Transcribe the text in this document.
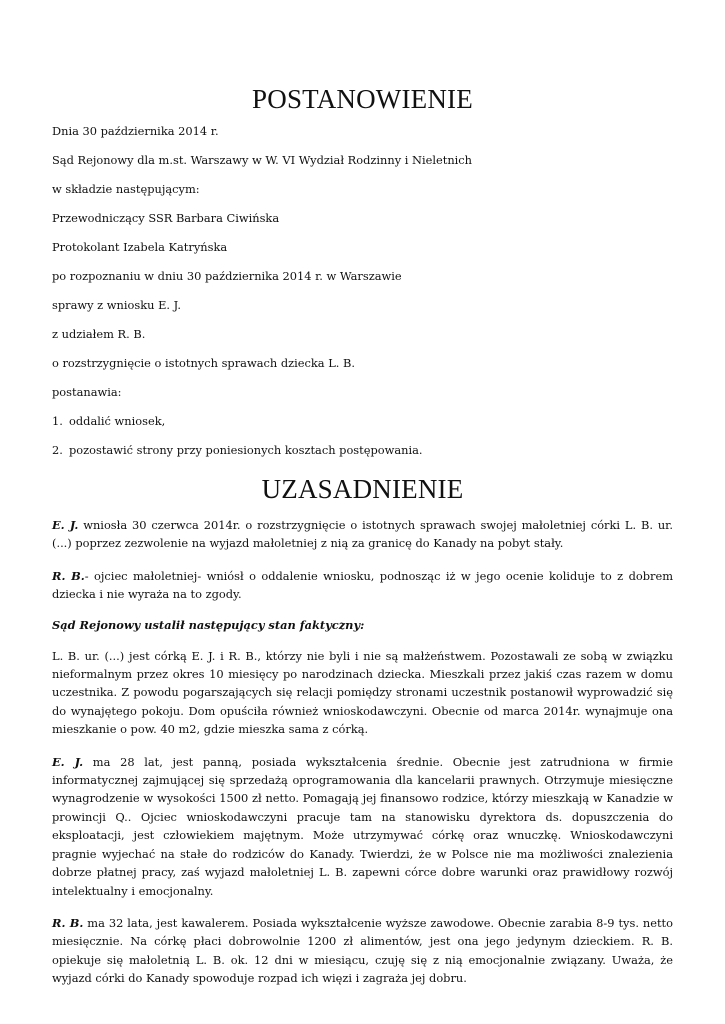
POSTANOWIENIE

Dnia 30 października 2014 r.

Sąd Rejonowy dla m.st. Warszawy w W. VI Wydział Rodzinny i Nieletnich

w składzie następującym:

Przewodniczący SSR Barbara Ciwińska

Protokolant Izabela Katryńska

po rozpoznaniu w dniu 30 października 2014 r. w Warszawie

sprawy z wniosku E. J.

z udziałem R. B.

o rozstrzygnięcie o istotnych sprawach dziecka L. B.

postanawia:

1. oddalić wniosek,

2. pozostawić strony przy poniesionych kosztach postępowania.

UZASADNIENIE

E. J. wniosła 30 czerwca 2014r. o rozstrzygnięcie o istotnych sprawach swojej małoletniej córki L. B. ur. (...) poprzez zezwolenie na wyjazd małoletniej z nią za granicę do Kanady na pobyt stały.

R. B.- ojciec małoletniej- wniósł o oddalenie wniosku, podnosząc iż w jego ocenie koliduje to z dobrem dziecka i nie wyraża na to zgody.

Sąd Rejonowy ustalił następujący stan faktyczny:

L. B. ur. (...) jest córką E. J. i R. B., którzy nie byli i nie są małżeństwem. Pozostawali ze sobą w związku nieformalnym przez okres 10 miesięcy po narodzinach dziecka. Mieszkali przez jakiś czas razem w domu uczestnika. Z powodu pogarszających się relacji pomiędzy stronami uczestnik postanowił wyprowadzić się do wynajętego pokoju. Dom opuściła również wnioskodawczyni. Obecnie od marca 2014r. wynajmuje ona mieszkanie o pow. 40 m2, gdzie mieszka sama z córką.

E. J. ma 28 lat, jest panną, posiada wykształcenia średnie. Obecnie jest zatrudniona w firmie informatycznej zajmującej się sprzedażą oprogramowania dla kancelarii prawnych. Otrzymuje miesięczne wynagrodzenie w wysokości 1500 zł netto. Pomagają jej finansowo rodzice, którzy mieszkają w Kanadzie w prowincji Q.. Ojciec wnioskodawczyni pracuje tam na stanowisku dyrektora ds. dopuszczenia do eksploatacji, jest człowiekiem majętnym. Może utrzymywać córkę oraz wnuczkę. Wnioskodawczyni pragnie wyjechać na stałe do rodziców do Kanady. Twierdzi, że w Polsce nie ma możliwości znalezienia dobrze płatnej pracy, zaś wyjazd małoletniej L. B. zapewni córce dobre warunki oraz prawidłowy rozwój intelektualny i emocjonalny.

R. B. ma 32 lata, jest kawalerem. Posiada wykształcenie wyższe zawodowe. Obecnie zarabia 8-9 tys. netto miesięcznie. Na córkę płaci dobrowolnie 1200 zł alimentów, jest ona jego jedynym dzieckiem. R. B. opiekuje się małoletnią L. B. ok. 12 dni w miesiącu, czuję się z nią emocjonalnie związany. Uważa, że wyjazd córki do Kanady spowoduje rozpad ich więzi i zagraża jej dobru.
